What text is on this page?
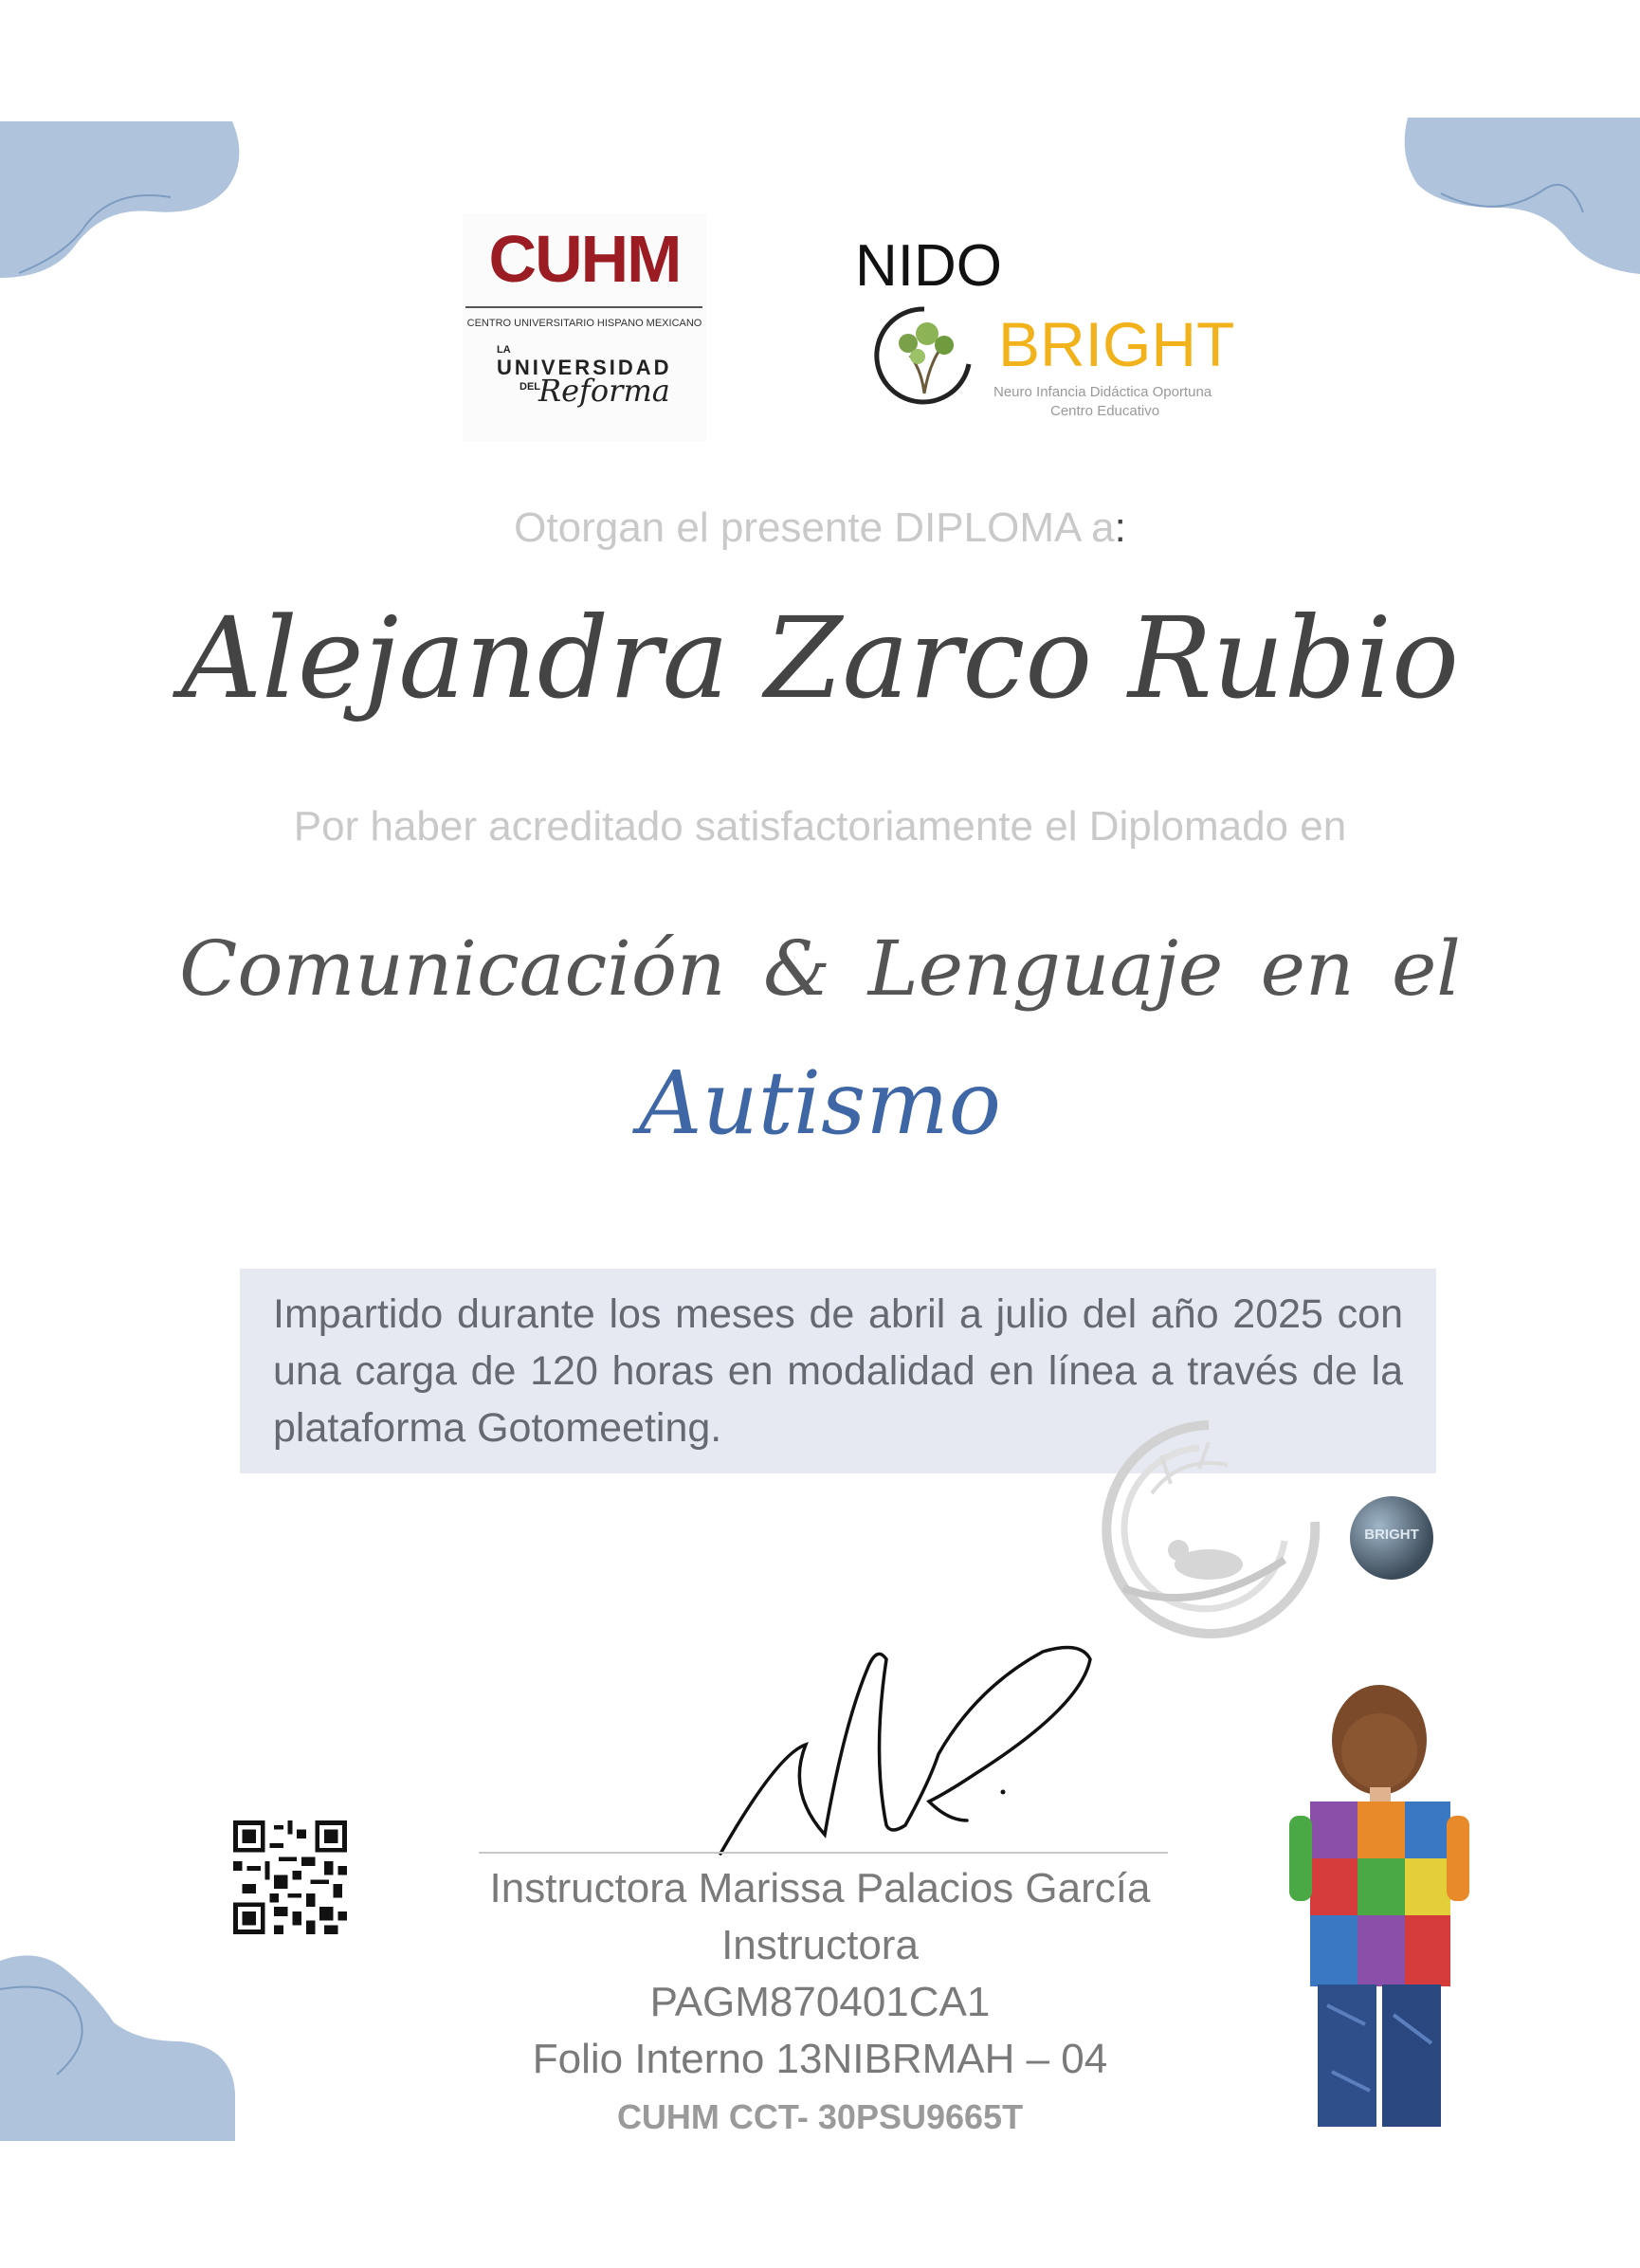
CUHM
CENTRO UNIVERSITARIO HISPANO MEXICANO
LA
UNIVERSIDAD
DEL
Reforma
NIDO
BRIGHT
Neuro Infancia Didáctica Oportuna
Centro Educativo
Otorgan el presente DIPLOMA a:
Alejandra Zarco Rubio
Por haber acreditado satisfactoriamente el Diplomado en
Comunicación & Lenguaje en el
Autismo
Impartido durante los meses de abril a julio del año 2025 con una carga de 120 horas en modalidad en línea a través de la plataforma Gotomeeting.
BRIGHT
Instructora Marissa Palacios García
Instructora
PAGM870401CA1
Folio Interno 13NIBRMAH – 04
CUHM CCT- 30PSU9665T
